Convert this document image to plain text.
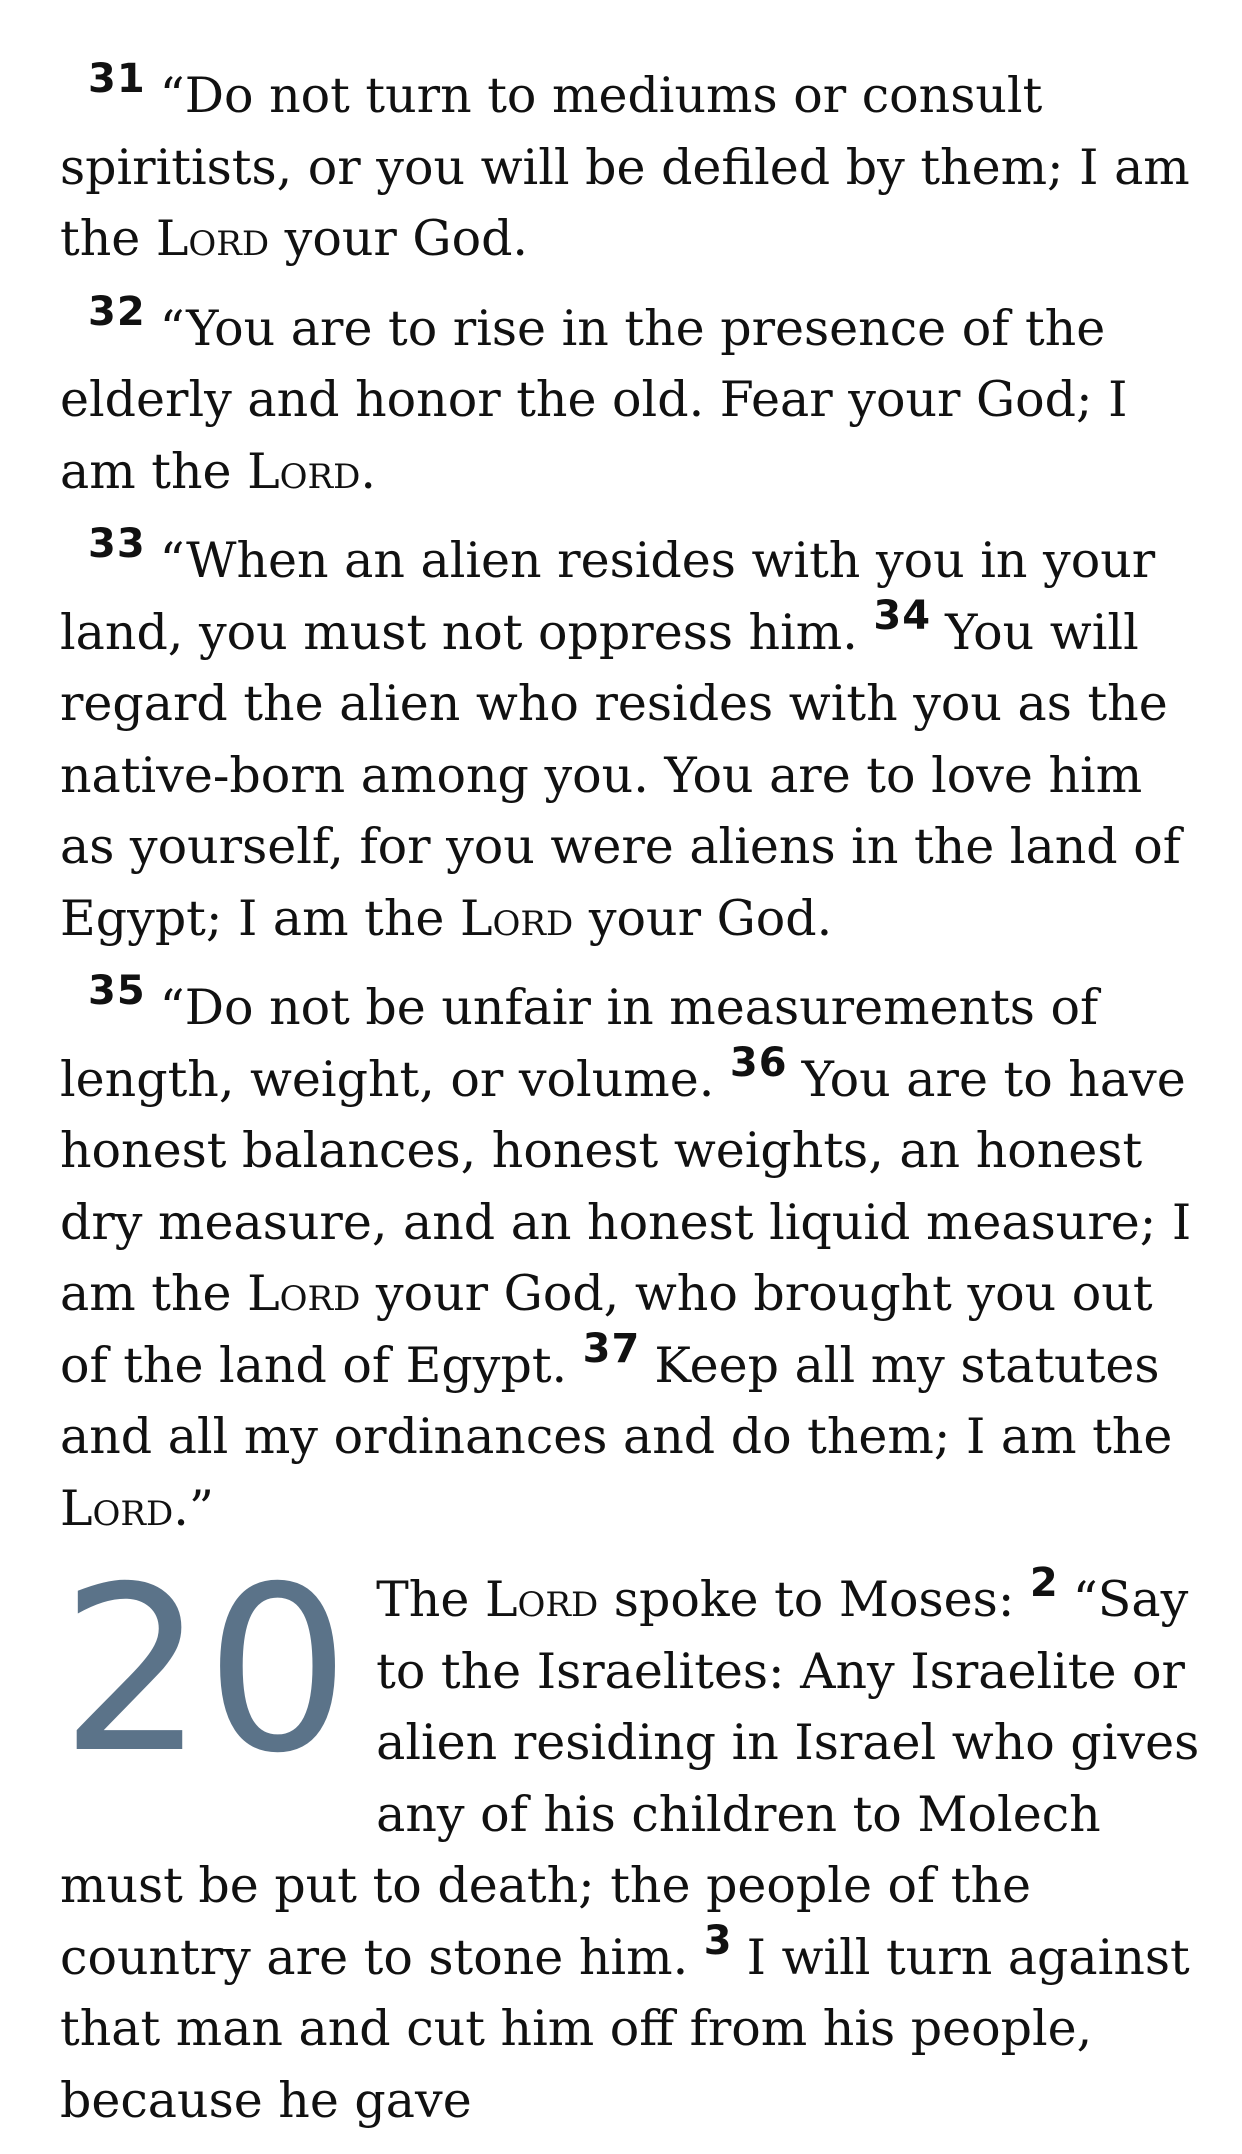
$^{31}$ “Do not turn to mediums or consult spiritists, or you will be defiled by them; I am the Lord your God.

$^{32}$ “You are to rise in the presence of the elderly and honor the old. Fear your God; I am the Lord.

$^{33}$ “When an alien resides with you in your land, you must not oppress him. $^{34}$ You will regard the alien who resides with you as the native-born among you. You are to love him as yourself, for you were aliens in the land of Egypt; I am the Lord your God.

$^{35}$ “Do not be unfair in measurements of length, weight, or volume. $^{36}$ You are to have honest balances, honest weights, an honest dry measure, and an honest liquid measure; I am the Lord your God, who brought you out of the land of Egypt. $^{37}$ Keep all my statutes and all my ordinances and do them; I am the Lord.”

20 The Lord spoke to Moses: $^2$ “Say to the Israelites: Any Israelite or alien residing in Israel who gives any of his children to Molech must be put to death; the people of the country are to stone him. $^3$ I will turn against that man and cut him off from his people, because he gave
